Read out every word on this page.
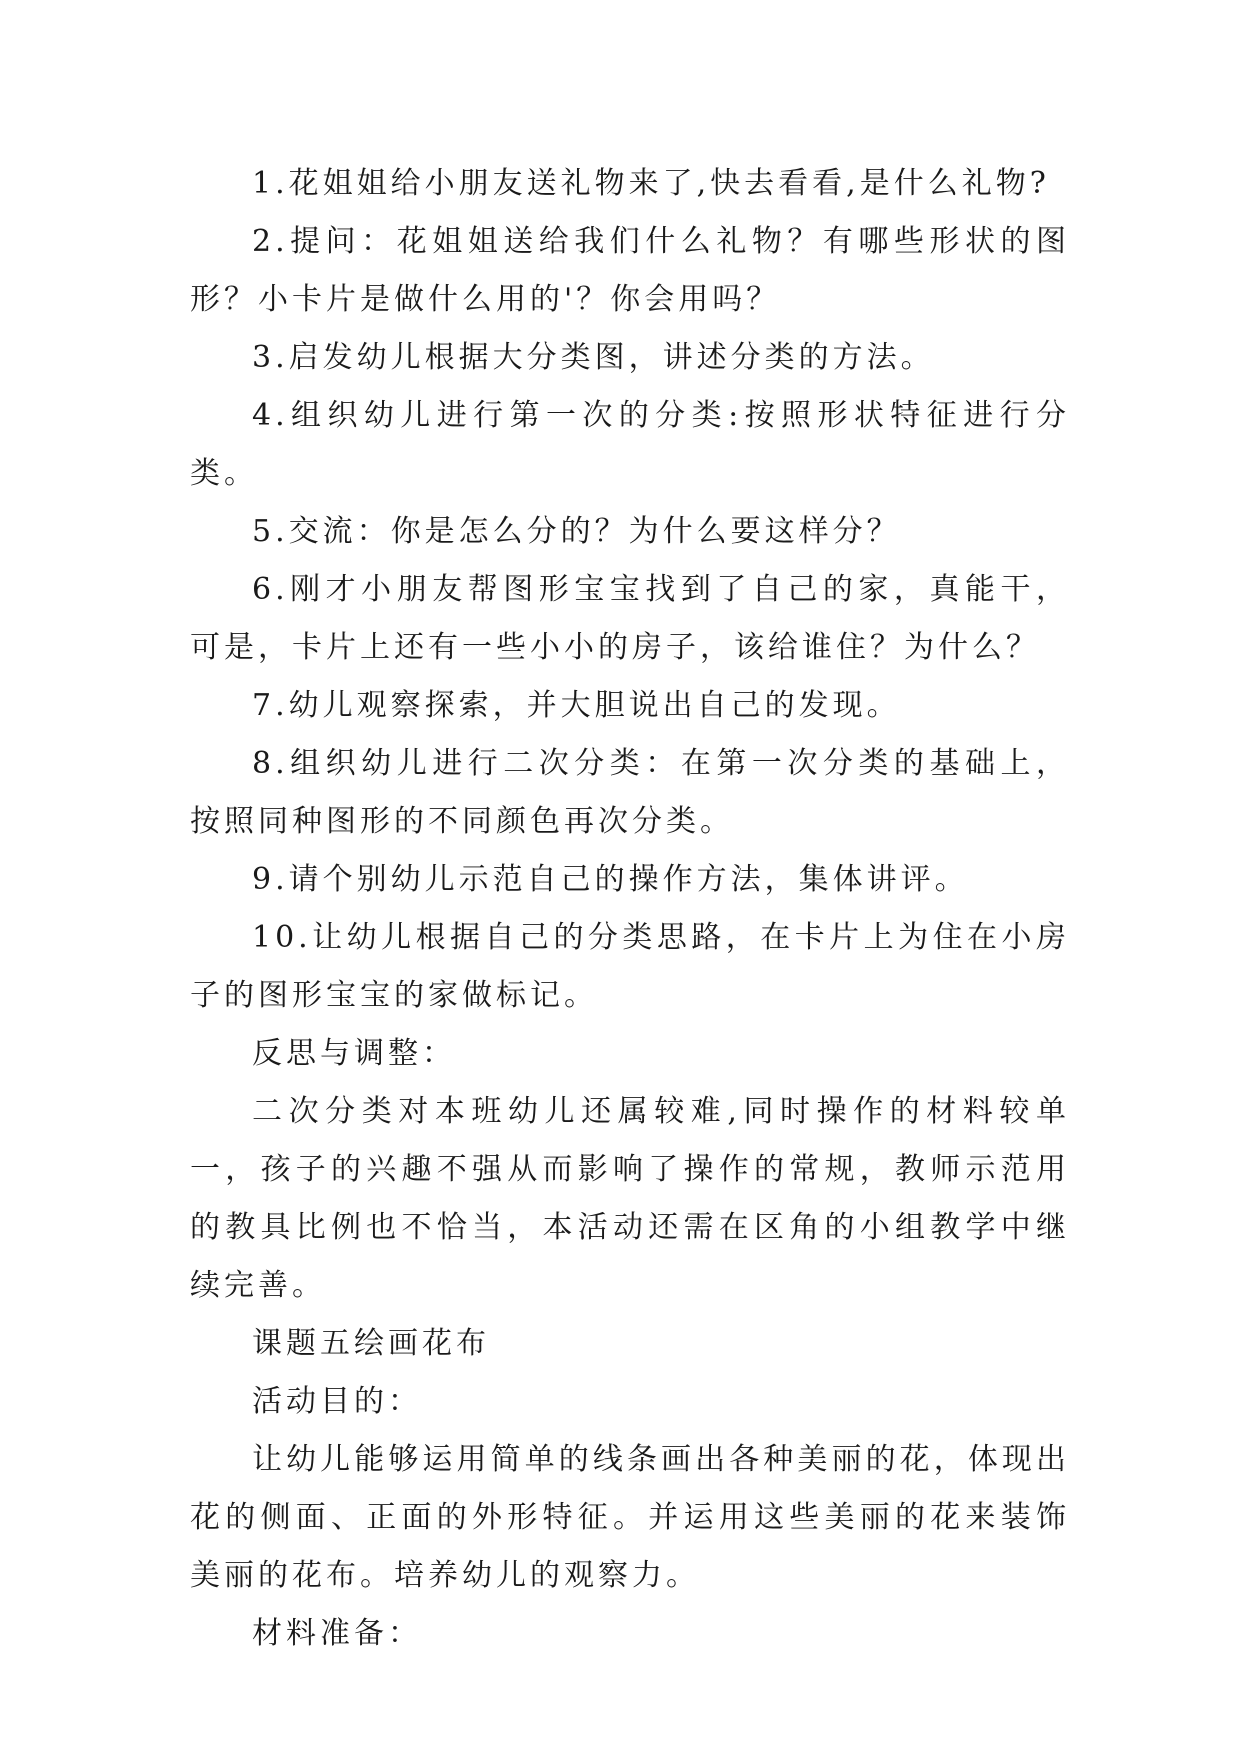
1.花姐姐给小朋友送礼物来了,快去看看,是什么礼物?

2.提问：花姐姐送给我们什么礼物？有哪些形状的图形？小卡片是做什么用的'？你会用吗？

3.启发幼儿根据大分类图，讲述分类的方法。

4.组织幼儿进行第一次的分类:按照形状特征进行分类。

5.交流：你是怎么分的？为什么要这样分？

6.刚才小朋友帮图形宝宝找到了自己的家，真能干，可是，卡片上还有一些小小的房子，该给谁住？为什么？

7.幼儿观察探索，并大胆说出自己的发现。

8.组织幼儿进行二次分类：在第一次分类的基础上，按照同种图形的不同颜色再次分类。

9.请个别幼儿示范自己的操作方法，集体讲评。

10.让幼儿根据自己的分类思路，在卡片上为住在小房子的图形宝宝的家做标记。

反思与调整：

二次分类对本班幼儿还属较难,同时操作的材料较单一，孩子的兴趣不强从而影响了操作的常规，教师示范用的教具比例也不恰当，本活动还需在区角的小组教学中继续完善。

课题五绘画花布

活动目的：

让幼儿能够运用简单的线条画出各种美丽的花，体现出花的侧面、正面的外形特征。并运用这些美丽的花来装饰美丽的花布。培养幼儿的观察力。

材料准备：
